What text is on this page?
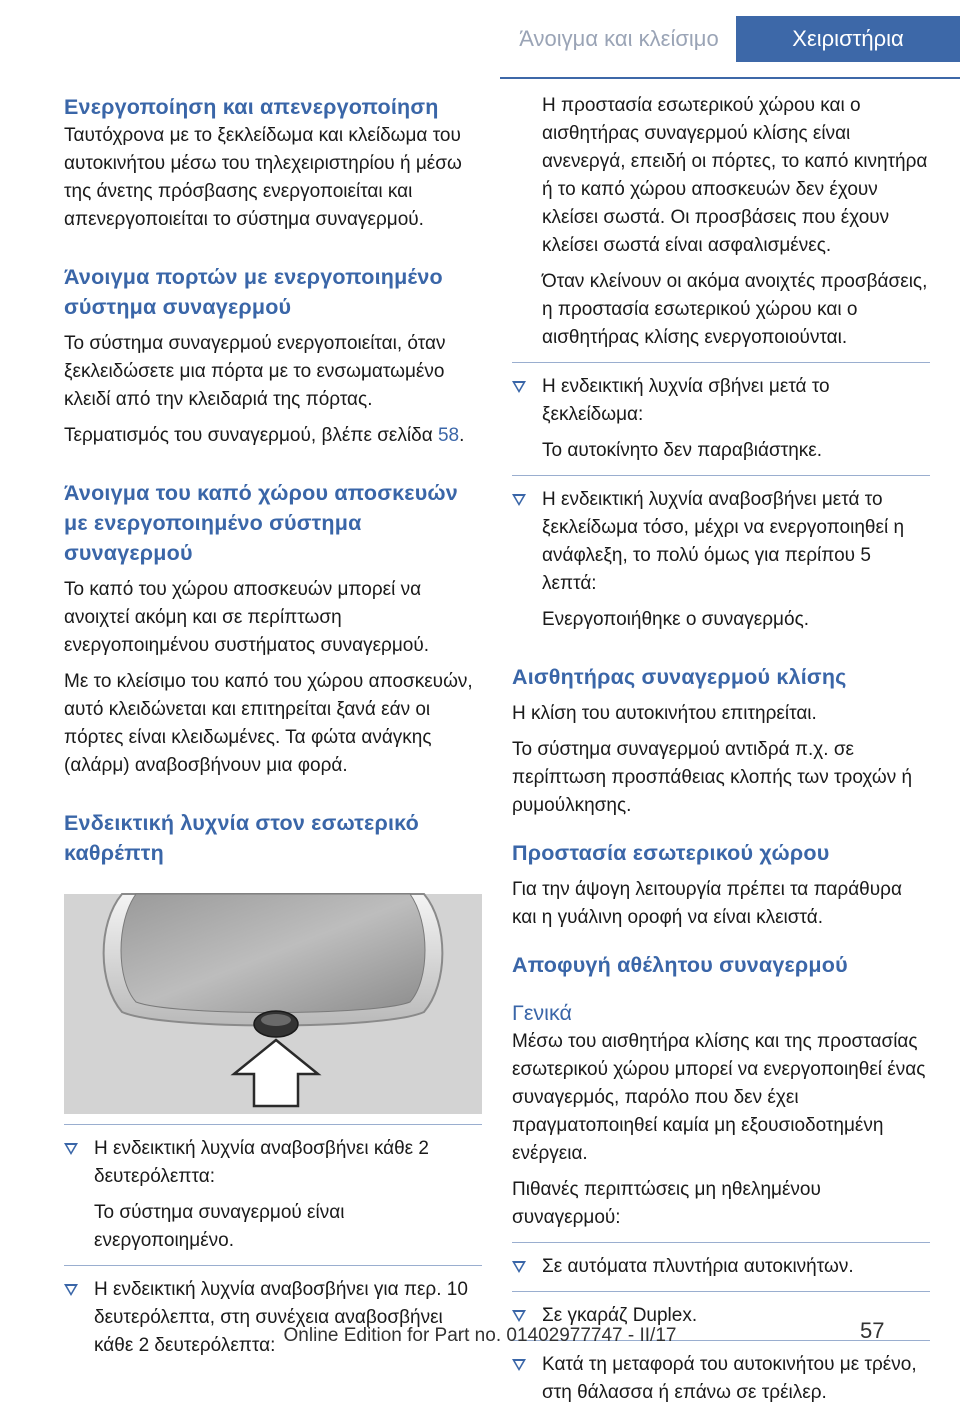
Άνοιγμα και κλείσιμο	Χειριστήρια
Ενεργοποίηση και απενεργοποίηση

Ταυτόχρονα με το ξεκλείδωμα και κλείδωμα του αυτοκινήτου μέσω του τηλεχειριστηρίου ή μέσω της άνετης πρόσβασης ενεργοποιείται και απενεργοποιείται το σύστημα συναγερμού.

Άνοιγμα πορτών με ενεργοποιημένο σύστημα συναγερμού

Το σύστημα συναγερμού ενεργοποιείται, όταν ξεκλειδώσετε μια πόρτα με το ενσωματωμένο κλειδί από την κλειδαριά της πόρτας.

Τερματισμός του συναγερμού, βλέπε σελίδα 58.

Άνοιγμα του καπό χώρου αποσκευών με ενεργοποιημένο σύστημα συναγερμού

Το καπό του χώρου αποσκευών μπορεί να ανοιχτεί ακόμη και σε περίπτωση ενεργοποιημένου συστήματος συναγερμού.

Με το κλείσιμο του καπό του χώρου αποσκευών, αυτό κλειδώνεται και επιτηρείται ξανά εάν οι πόρτες είναι κλειδωμένες. Τα φώτα ανάγκης (αλάρμ) αναβοσβήνουν μια φορά.

Ενδεικτική λυχνία στον εσωτερικό καθρέπτη

Η ενδεικτική λυχνία αναβοσβήνει κάθε 2 δευτερόλεπτα:

Το σύστημα συναγερμού είναι ενεργοποιημένο.

Η ενδεικτική λυχνία αναβοσβήνει για περ. 10 δευτερόλεπτα, στη συνέχεια αναβοσβήνει κάθε 2 δευτερόλεπτα:

Η προστασία εσωτερικού χώρου και ο αισθητήρας συναγερμού κλίσης είναι ανενεργά, επειδή οι πόρτες, το καπό κινητήρα ή το καπό χώρου αποσκευών δεν έχουν κλείσει σωστά. Οι προσβάσεις που έχουν κλείσει σωστά είναι ασφαλισμένες.

Όταν κλείνουν οι ακόμα ανοιχτές προσβάσεις, η προστασία εσωτερικού χώρου και ο αισθητήρας κλίσης ενεργοποιούνται.

Η ενδεικτική λυχνία σβήνει μετά το ξεκλείδωμα:

Το αυτοκίνητο δεν παραβιάστηκε.

Η ενδεικτική λυχνία αναβοσβήνει μετά το ξεκλείδωμα τόσο, μέχρι να ενεργοποιηθεί η ανάφλεξη, το πολύ όμως για περίπου 5 λεπτά:

Ενεργοποιήθηκε ο συναγερμός.

Αισθητήρας συναγερμού κλίσης

Η κλίση του αυτοκινήτου επιτηρείται.

Το σύστημα συναγερμού αντιδρά π.χ. σε περίπτωση προσπάθειας κλοπής των τροχών ή ρυμούλκησης.

Προστασία εσωτερικού χώρου

Για την άψογη λειτουργία πρέπει τα παράθυρα και η γυάλινη οροφή να είναι κλειστά.

Αποφυγή αθέλητου συναγερμού
Γενικά

Μέσω του αισθητήρα κλίσης και της προστασίας εσωτερικού χώρου μπορεί να ενεργοποιηθεί ένας συναγερμός, παρόλο που δεν έχει πραγματοποιηθεί καμία μη εξουσιοδοτημένη ενέργεια.

Πιθανές περιπτώσεις μη ηθελημένου συναγερμού:

Σε αυτόματα πλυντήρια αυτοκινήτων.

Σε γκαράζ Duplex.

Κατά τη μεταφορά του αυτοκινήτου με τρένο, στη θάλασσα ή επάνω σε τρέιλερ.

Online Edition for Part no. 01402977747 - II/17	57
